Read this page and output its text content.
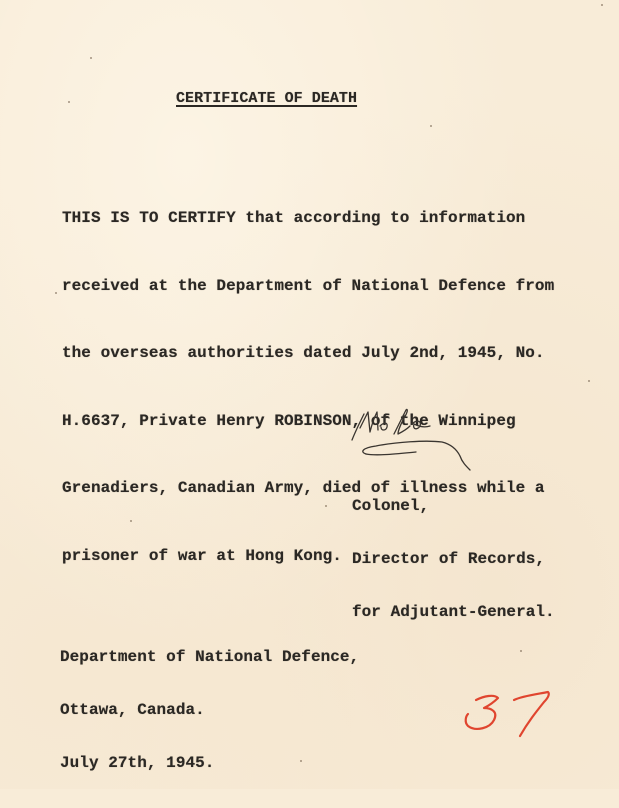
CERTIFICATE OF DEATH

THIS IS TO CERTIFY that according to information

received at the Department of National Defence from

the overseas authorities dated July 2nd, 1945, No.

H.6637, Private Henry ROBINSON, of the Winnipeg

Grenadiers, Canadian Army, died of illness while a

prisoner of war at Hong Kong.

Colonel,

Director of Records,

for Adjutant-General.

Department of National Defence,

Ottawa, Canada.

July 27th, 1945.
